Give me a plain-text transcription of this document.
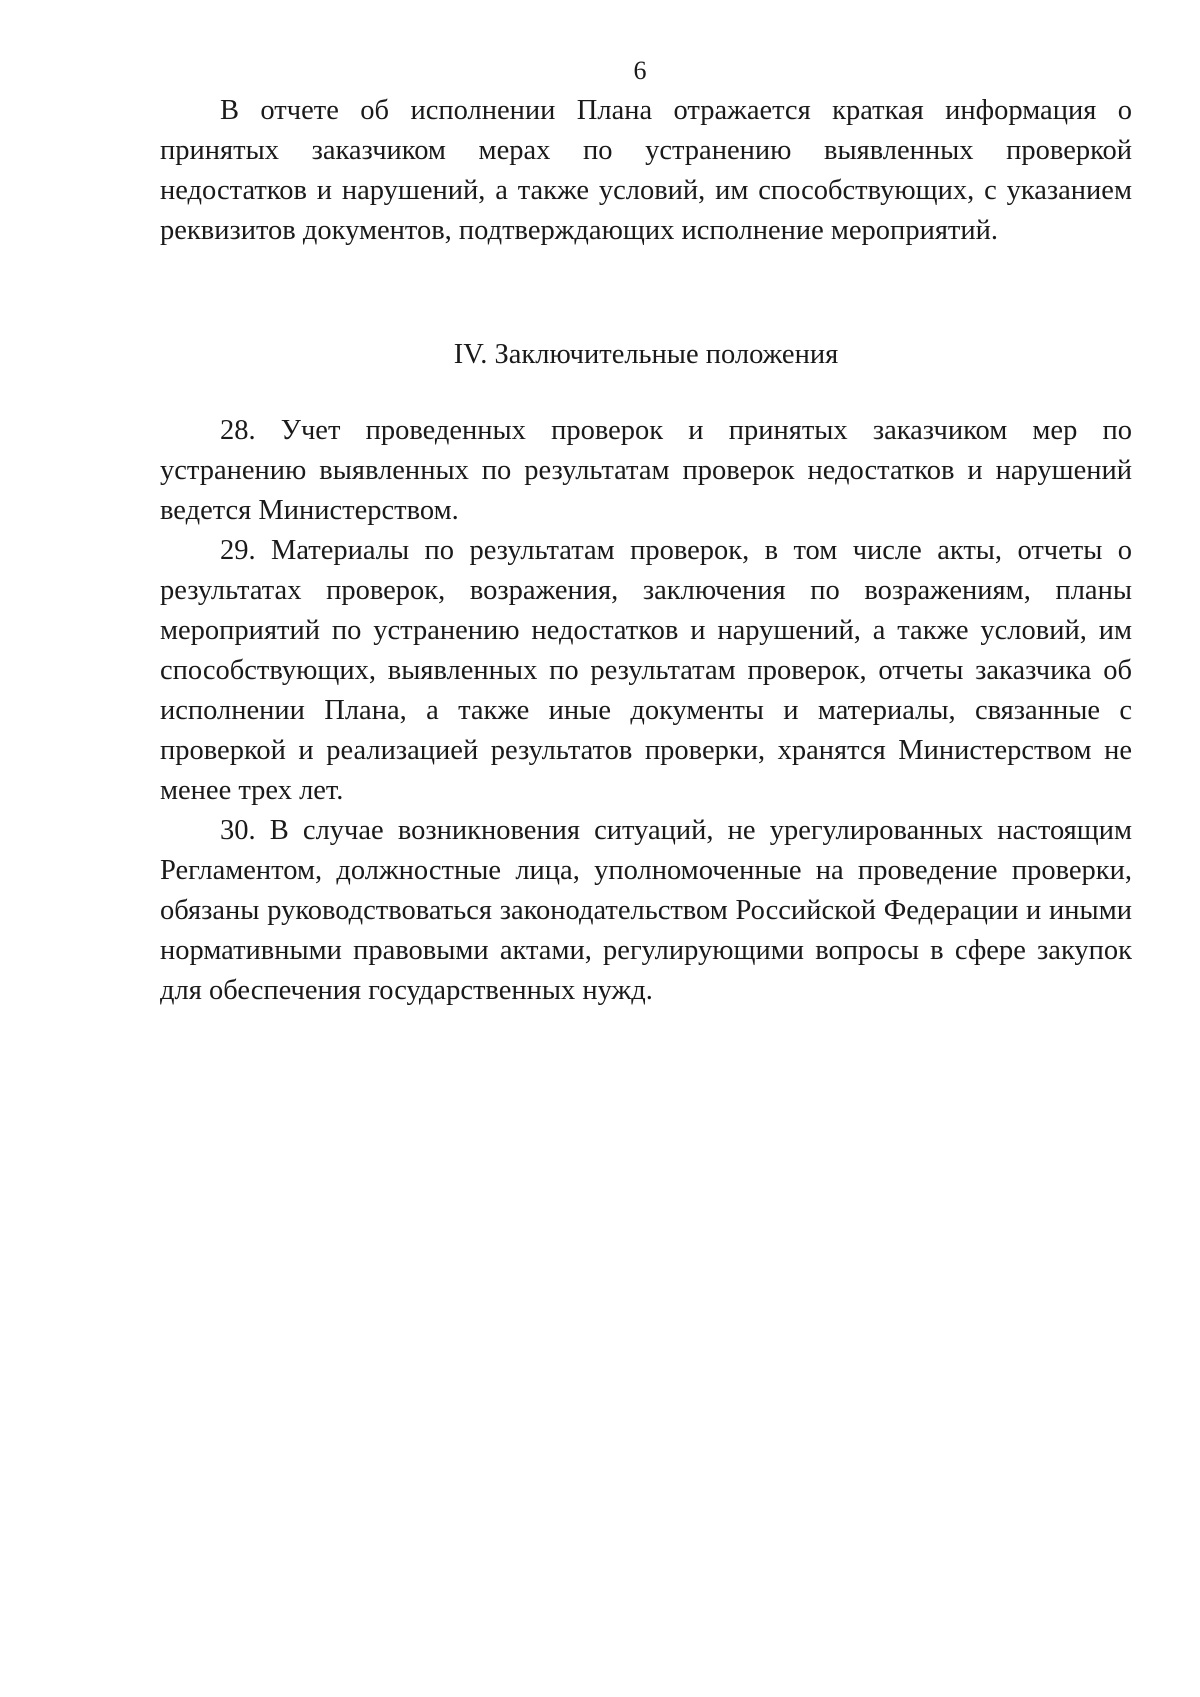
6

В отчете об исполнении Плана отражается краткая информация о принятых заказчиком мерах по устранению выявленных проверкой недостатков и нарушений, а также условий, им способствующих, с указанием реквизитов документов, подтверждающих исполнение мероприятий.

IV. Заключительные положения

28. Учет проведенных проверок и принятых заказчиком мер по устранению выявленных по результатам проверок недостатков и нарушений ведется Министерством.

29. Материалы по результатам проверок, в том числе акты, отчеты о результатах проверок, возражения, заключения по возражениям, планы мероприятий по устранению недостатков и нарушений, а также условий, им способствующих, выявленных по результатам проверок, отчеты заказчика об исполнении Плана, а также иные документы и материалы, связанные с проверкой и реализацией результатов проверки, хранятся Министерством не менее трех лет.

30. В случае возникновения ситуаций, не урегулированных настоящим Регламентом, должностные лица, уполномоченные на проведение проверки, обязаны руководствоваться законодательством Российской Федерации и иными нормативными правовыми актами, регулирующими вопросы в сфере закупок для обеспечения государственных нужд.
